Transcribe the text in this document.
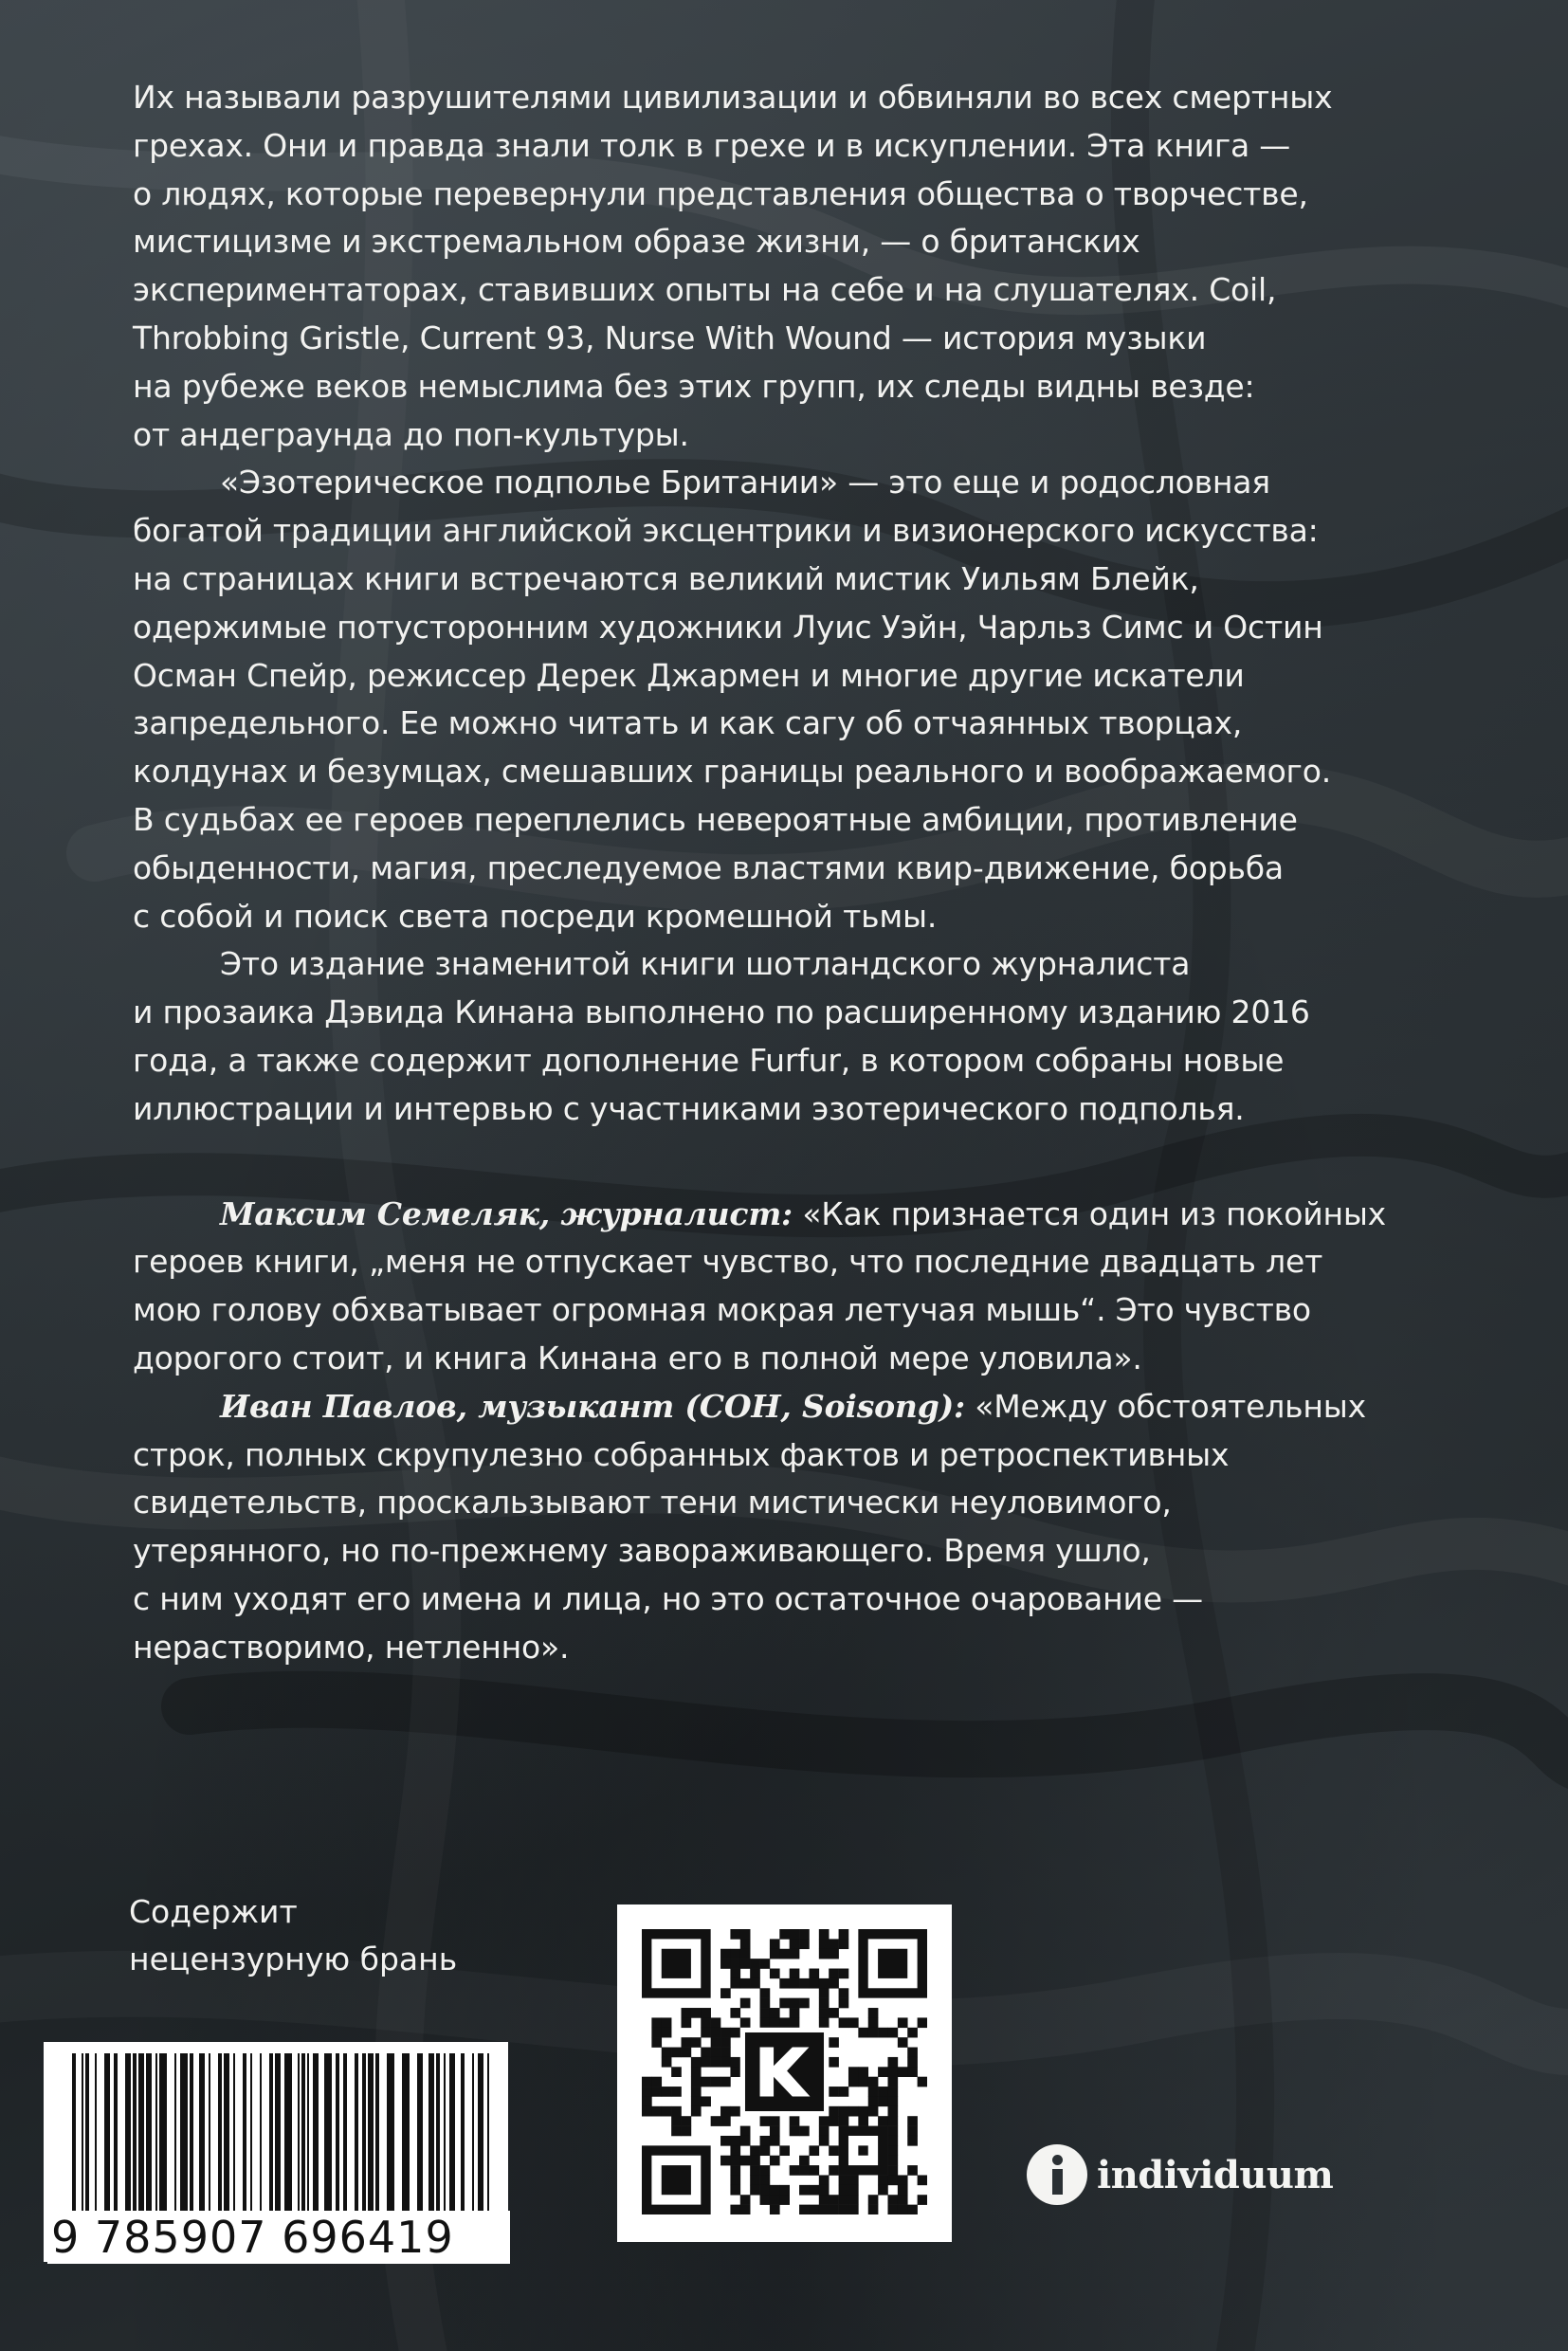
Их называли разрушителями цивилизации и обвиняли во всех смертных
грехах. Они и правда знали толк в грехе и в искуплении. Эта книга —
о людях, которые перевернули представления общества о творчестве,
мистицизме и экстремальном образе жизни, — о британских
экспериментаторах, ставивших опыты на себе и на слушателях. Coil,
Throbbing Gristle, Current 93, Nurse With Wound — история музыки
на рубеже веков немыслима без этих групп, их следы видны везде:
от андеграунда до поп-культуры.

«Эзотерическое подполье Британии» — это еще и родословная
богатой традиции английской эксцентрики и визионерского искусства:
на страницах книги встречаются великий мистик Уильям Блейк,
одержимые потусторонним художники Луис Уэйн, Чарльз Симс и Остин
Осман Спейр, режиссер Дерек Джармен и многие другие искатели
запредельного. Ее можно читать и как сагу об отчаянных творцах,
колдунах и безумцах, смешавших границы реального и воображаемого.
В судьбах ее героев переплелись невероятные амбиции, противление
обыденности, магия, преследуемое властями квир-движение, борьба
с собой и поиск света посреди кромешной тьмы.

Это издание знаменитой книги шотландского журналиста
и прозаика Дэвида Кинана выполнено по расширенному изданию 2016
года, а также содержит дополнение Furfur, в котором собраны новые
иллюстрации и интервью с участниками эзотерического подполья.

Максим Семеляк, журналист: «Как признается один из покойных
героев книги, „меня не отпускает чувство, что последние двадцать лет
мою голову обхватывает огромная мокрая летучая мышь“. Это чувство
дорогого стоит, и книга Кинана его в полной мере уловила».

Иван Павлов, музыкант (COH, Soisong): «Между обстоятельных
строк, полных скрупулезно собранных фактов и ретроспективных
свидетельств, проскальзывают тени мистически неуловимого,
утерянного, но по-прежнему завораживающего. Время ушло,
с ним уходят его имена и лица, но это остаточное очарование —
нерастворимо, нетленно».

Содержит
нецензурную брань
9 785907 696419
individuum
